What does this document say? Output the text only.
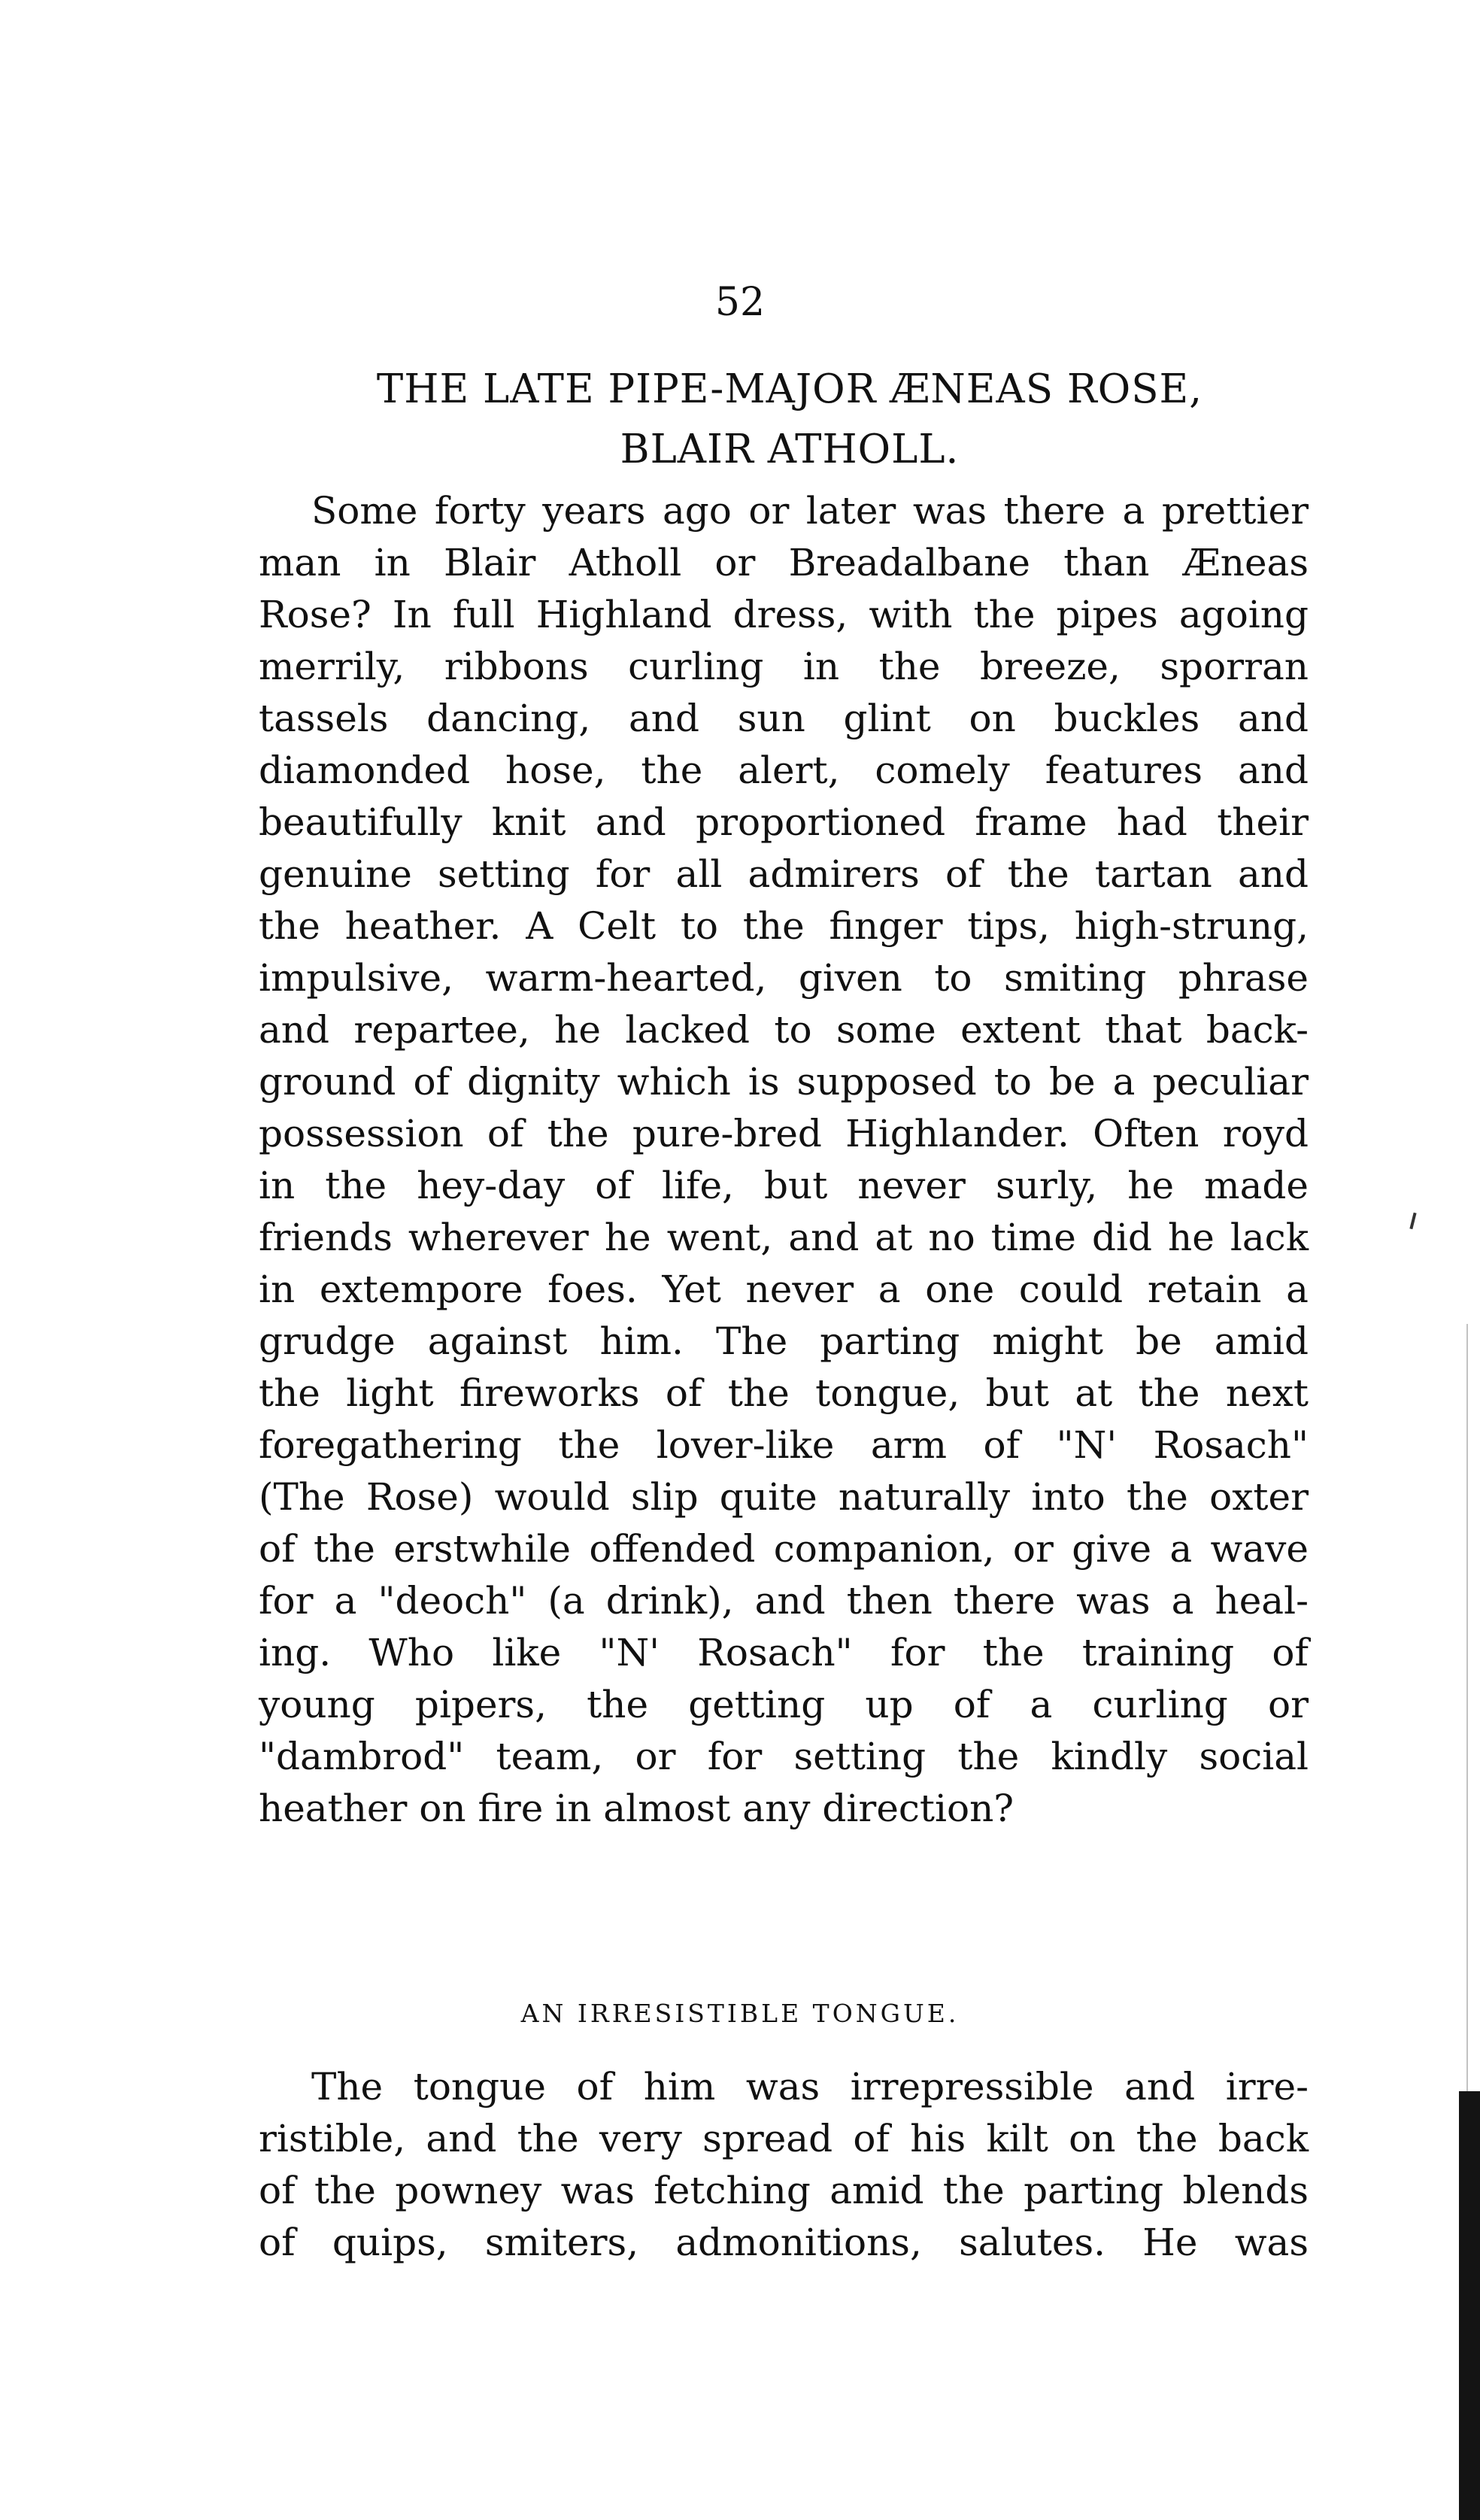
52
THE LATE PIPE-MAJOR ÆNEAS ROSE,
BLAIR ATHOLL.
Some forty years ago or later was there a prettier
man in Blair Atholl or Breadalbane than Æneas
Rose? In full Highland dress, with the pipes agoing
merrily, ribbons curling in the breeze, sporran
tassels dancing, and sun glint on buckles and
diamonded hose, the alert, comely features and
beautifully knit and proportioned frame had their
genuine setting for all admirers of the tartan and
the heather. A Celt to the finger tips, high-strung,
impulsive, warm-hearted, given to smiting phrase
and repartee, he lacked to some extent that back-
ground of dignity which is supposed to be a peculiar
possession of the pure-bred Highlander. Often royd
in the hey-day of life, but never surly, he made
friends wherever he went, and at no time did he lack
in extempore foes. Yet never a one could retain a
grudge against him. The parting might be amid
the light fireworks of the tongue, but at the next
foregathering the lover-like arm of "N' Rosach"
(The Rose) would slip quite naturally into the oxter
of the erstwhile offended companion, or give a wave
for a "deoch" (a drink), and then there was a heal-
ing. Who like "N' Rosach" for the training of
young pipers, the getting up of a curling or
"dambrod" team, or for setting the kindly social
heather on fire in almost any direction?
AN IRRESISTIBLE TONGUE.
The tongue of him was irrepressible and irre-
ristible, and the very spread of his kilt on the back
of the powney was fetching amid the parting blends
of quips, smiters, admonitions, salutes. He was
